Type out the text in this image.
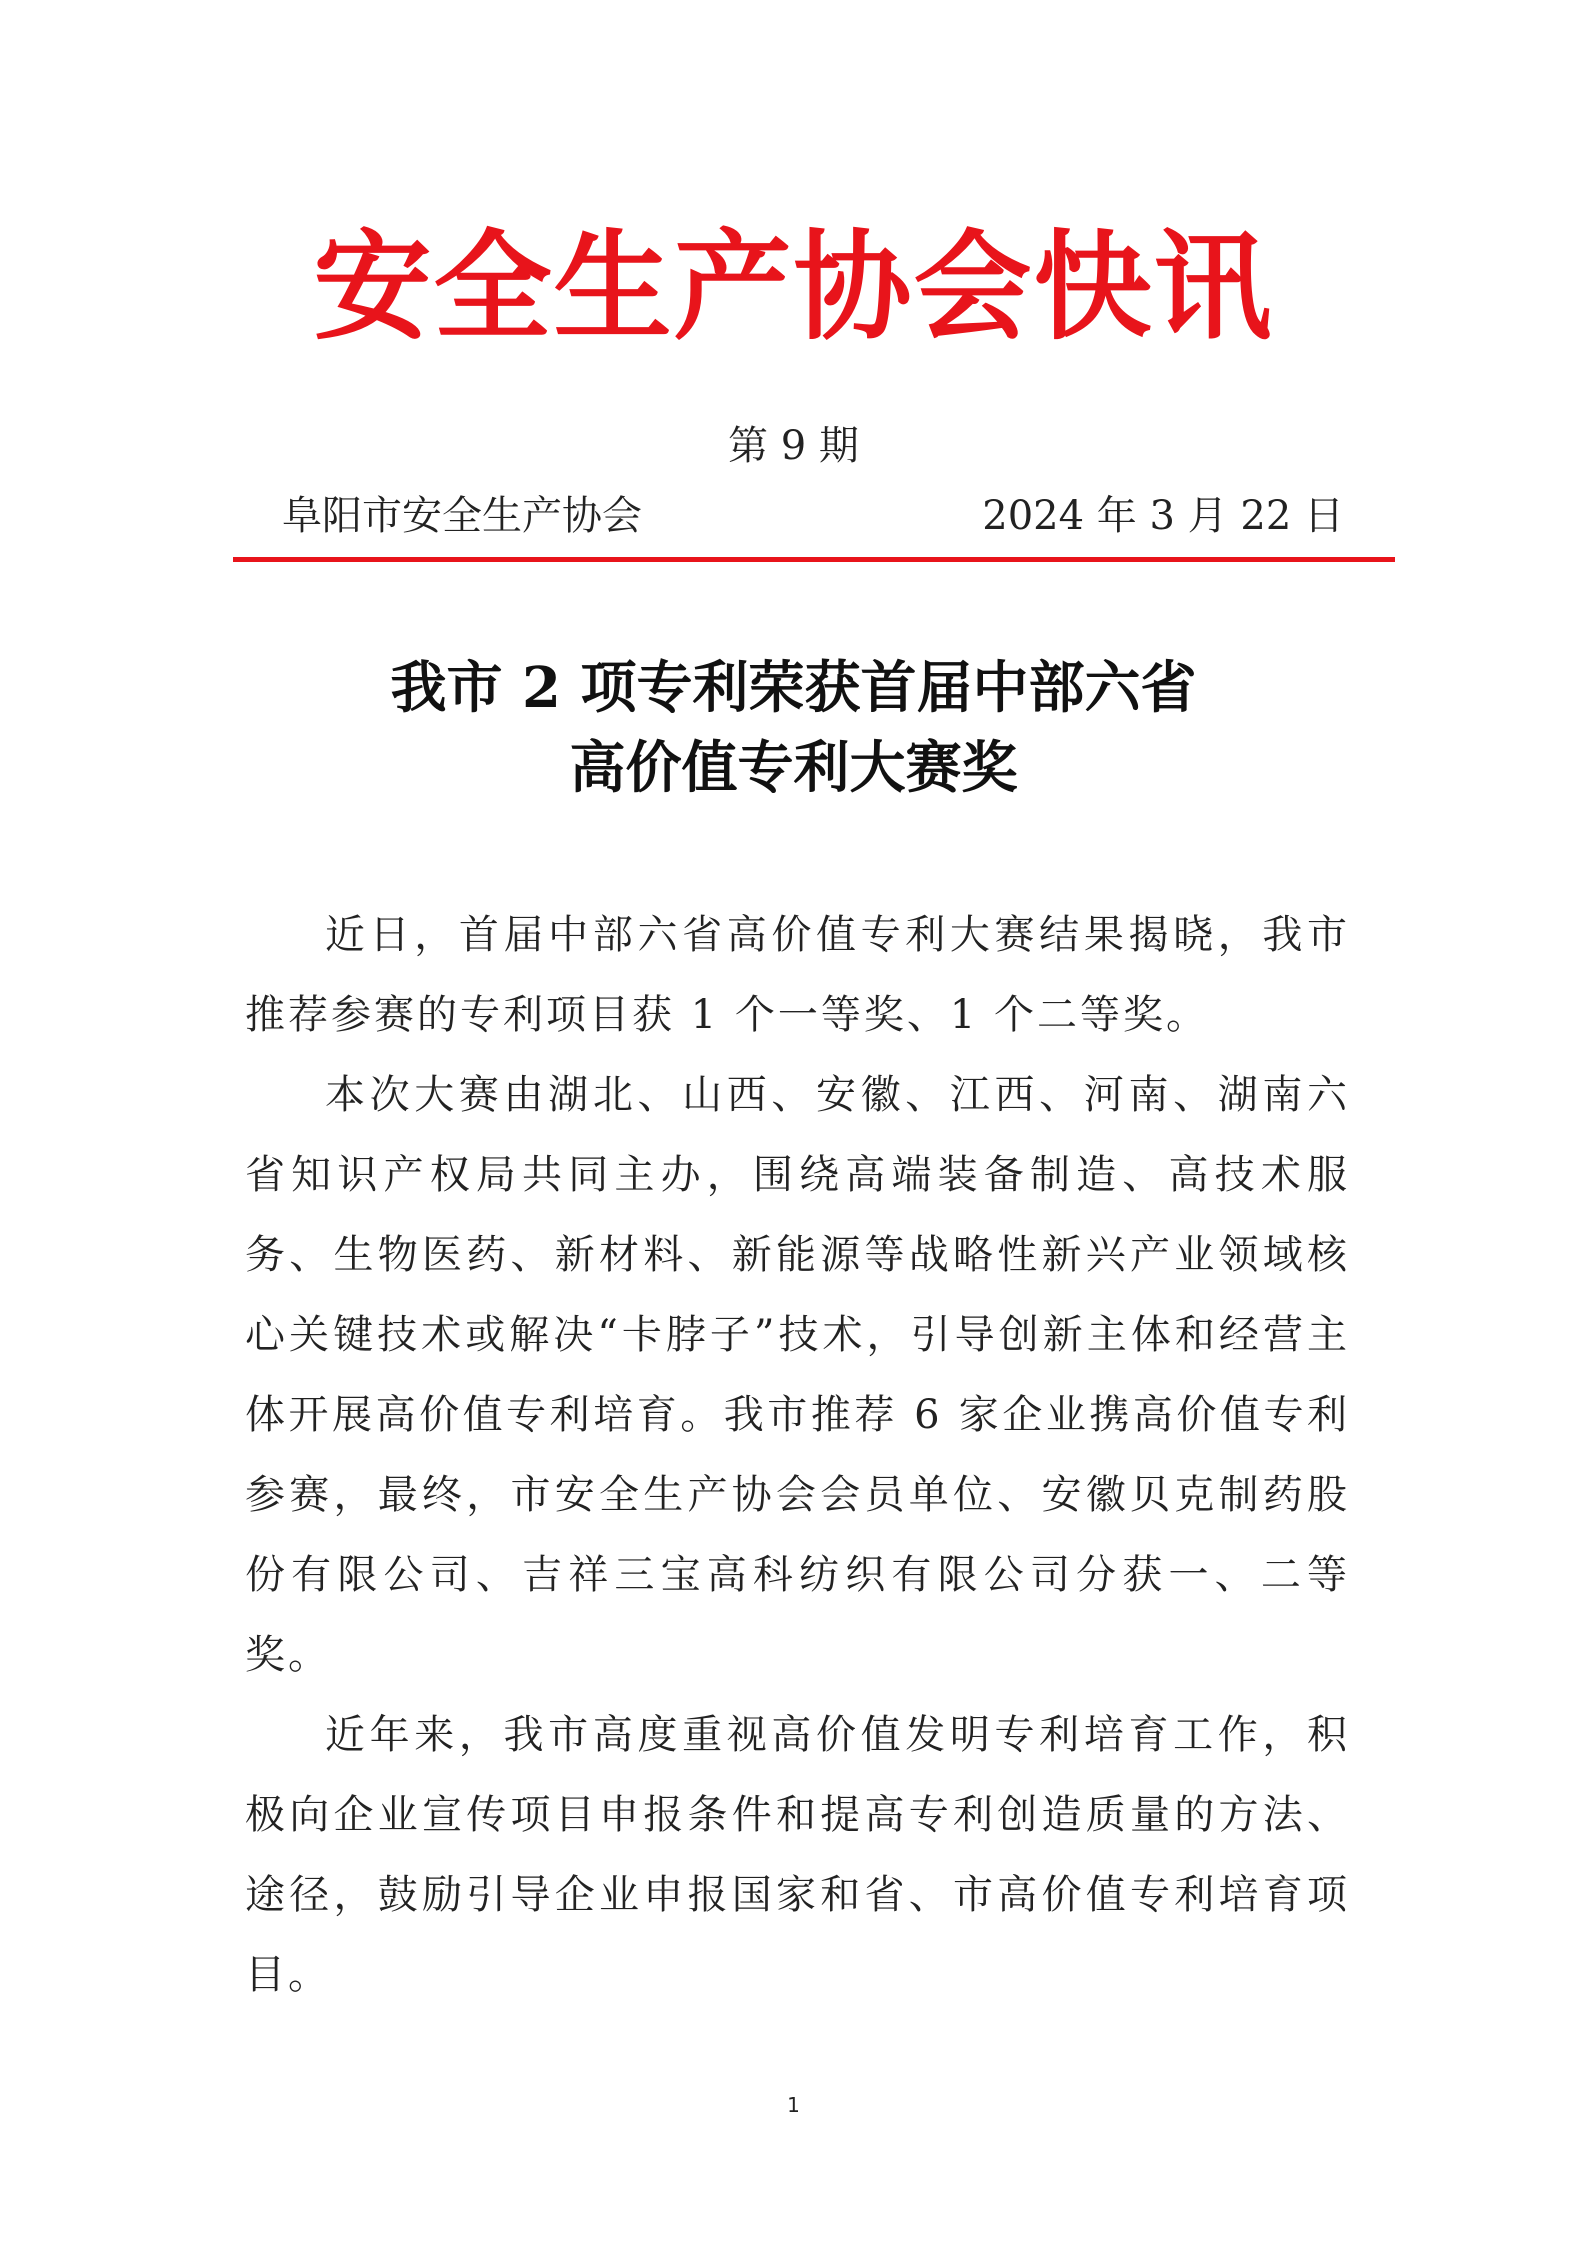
安全生产协会快讯
第 9 期
阜阳市安全生产协会	2024 年 3 月 22 日
我市 2 项专利荣获首届中部六省
高价值专利大赛奖

近日，首届中部六省高价值专利大赛结果揭晓，我市推荐参赛的专利项目获 1 个一等奖、1 个二等奖。

本次大赛由湖北、山西、安徽、江西、河南、湖南六省知识产权局共同主办，围绕高端装备制造、高技术服务、生物医药、新材料、新能源等战略性新兴产业领域核心关键技术或解决“卡脖子”技术，引导创新主体和经营主体开展高价值专利培育。我市推荐 6 家企业携高价值专利参赛，最终，市安全生产协会会员单位、安徽贝克制药股份有限公司、吉祥三宝高科纺织有限公司分获一、二等奖。

近年来，我市高度重视高价值发明专利培育工作，积极向企业宣传项目申报条件和提高专利创造质量的方法、途径，鼓励引导企业申报国家和省、市高价值专利培育项目。

1
